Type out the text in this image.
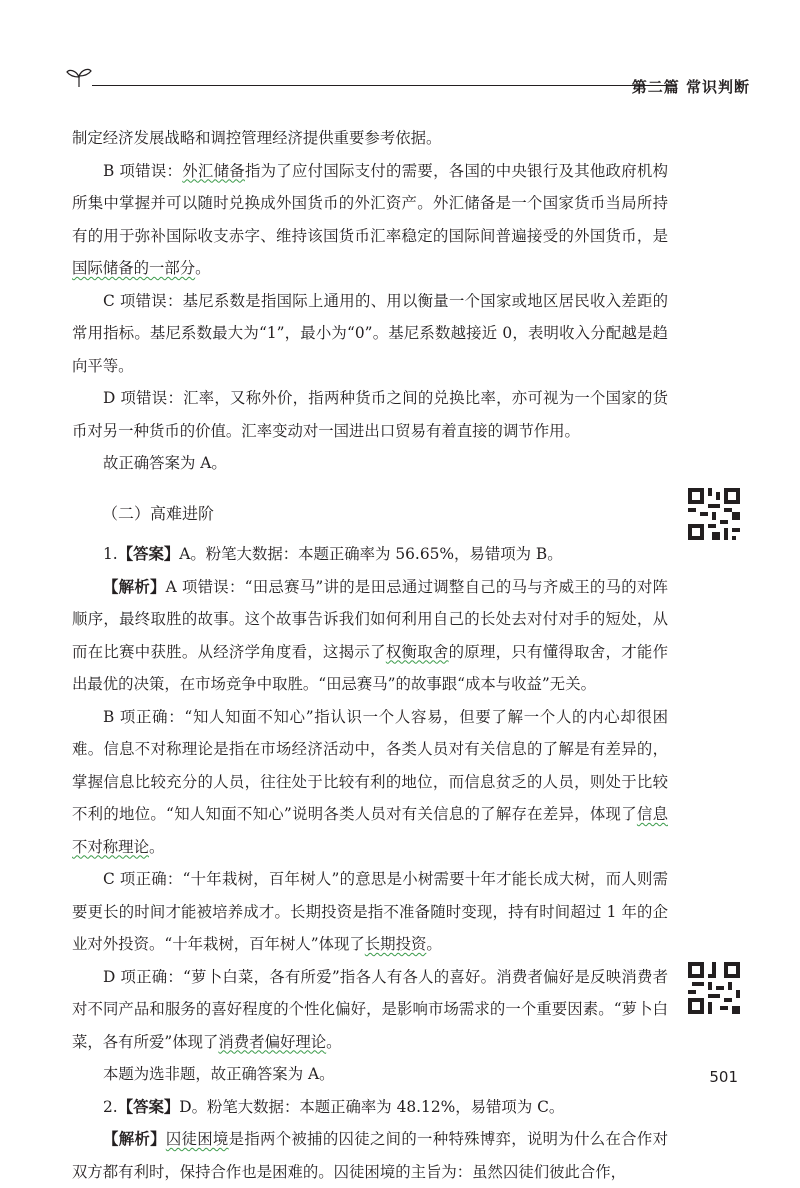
第二篇 常识判断

制定经济发展战略和调控管理经济提供重要参考依据。

B 项错误：外汇储备指为了应付国际支付的需要，各国的中央银行及其他政府机构所集中掌握并可以随时兑换成外国货币的外汇资产。外汇储备是一个国家货币当局所持有的用于弥补国际收支赤字、维持该国货币汇率稳定的国际间普遍接受的外国货币，是国际储备的一部分。

C 项错误：基尼系数是指国际上通用的、用以衡量一个国家或地区居民收入差距的常用指标。基尼系数最大为“1”，最小为“0”。基尼系数越接近 0，表明收入分配越是趋向平等。

D 项错误：汇率，又称外价，指两种货币之间的兑换比率，亦可视为一个国家的货币对另一种货币的价值。汇率变动对一国进出口贸易有着直接的调节作用。

故正确答案为 A。

（二）高难进阶

1.【答案】A。粉笔大数据：本题正确率为 56.65%，易错项为 B。

【解析】A 项错误：“田忌赛马”讲的是田忌通过调整自己的马与齐威王的马的对阵顺序，最终取胜的故事。这个故事告诉我们如何利用自己的长处去对付对手的短处，从而在比赛中获胜。从经济学角度看，这揭示了权衡取舍的原理，只有懂得取舍，才能作出最优的决策，在市场竞争中取胜。“田忌赛马”的故事跟“成本与收益”无关。

B 项正确：“知人知面不知心”指认识一个人容易，但要了解一个人的内心却很困难。信息不对称理论是指在市场经济活动中，各类人员对有关信息的了解是有差异的，掌握信息比较充分的人员，往往处于比较有利的地位，而信息贫乏的人员，则处于比较不利的地位。“知人知面不知心”说明各类人员对有关信息的了解存在差异，体现了信息不对称理论。

C 项正确：“十年栽树，百年树人”的意思是小树需要十年才能长成大树，而人则需要更长的时间才能被培养成才。长期投资是指不准备随时变现，持有时间超过 1 年的企业对外投资。“十年栽树，百年树人”体现了长期投资。

D 项正确：“萝卜白菜，各有所爱”指各人有各人的喜好。消费者偏好是反映消费者对不同产品和服务的喜好程度的个性化偏好，是影响市场需求的一个重要因素。“萝卜白菜，各有所爱”体现了消费者偏好理论。

本题为选非题，故正确答案为 A。

2.【答案】D。粉笔大数据：本题正确率为 48.12%，易错项为 C。

【解析】囚徒困境是指两个被捕的囚徒之间的一种特殊博弈，说明为什么在合作对双方都有利时，保持合作也是困难的。囚徒困境的主旨为：虽然囚徒们彼此合作，

501
